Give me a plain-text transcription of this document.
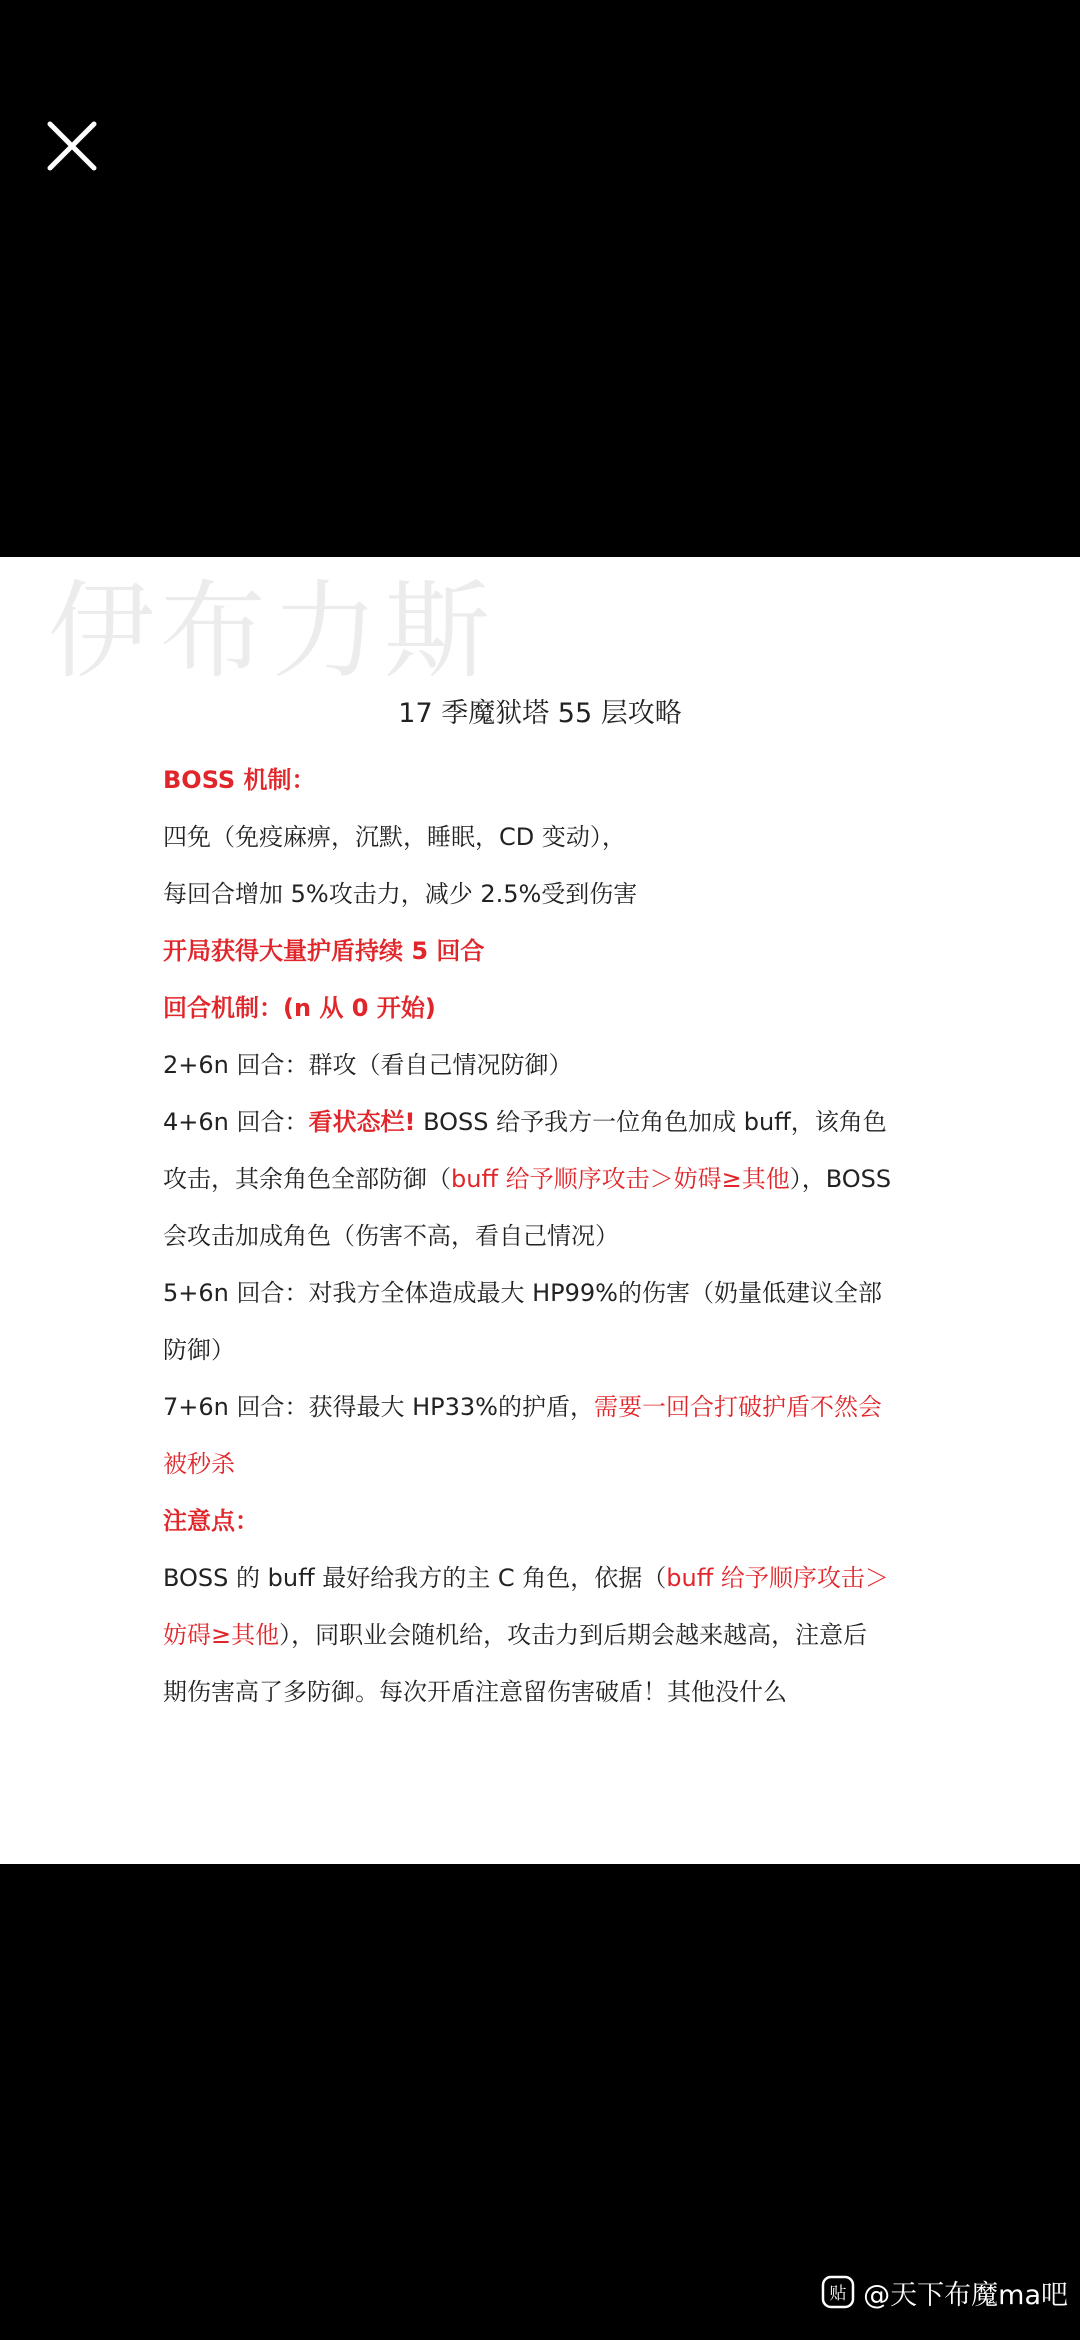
伊布力斯
17 季魔狱塔 55 层攻略
BOSS 机制：
四免（免疫麻痹，沉默，睡眠，CD 变动），
每回合增加 5%攻击力，减少 2.5%受到伤害
开局获得大量护盾持续 5 回合
回合机制：(n 从 0 开始)
2+6n 回合：群攻（看自己情况防御）
4+6n 回合：看状态栏! BOSS 给予我方一位角色加成 buff，该角色
攻击，其余角色全部防御（buff 给予顺序攻击＞妨碍≥其他），BOSS
会攻击加成角色（伤害不高，看自己情况）
5+6n 回合：对我方全体造成最大 HP99%的伤害（奶量低建议全部
防御）
7+6n 回合：获得最大 HP33%的护盾，需要一回合打破护盾不然会
被秒杀
注意点：
BOSS 的 buff 最好给我方的主 C 角色，依据（buff 给予顺序攻击＞
妨碍≥其他），同职业会随机给，攻击力到后期会越来越高，注意后
期伤害高了多防御。每次开盾注意留伤害破盾！其他没什么
贴 @天下布魔ma吧
